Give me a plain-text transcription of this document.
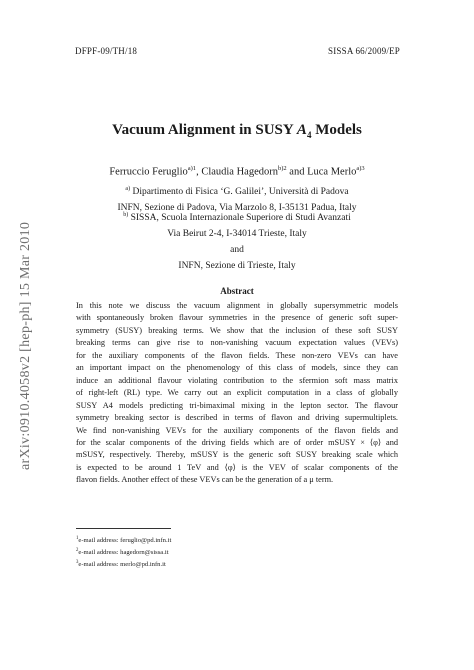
DFPF-09/TH/18	SISSA 66/2009/EP
arXiv:0910.4058v2 [hep-ph] 15 Mar 2010
Vacuum Alignment in SUSY $A_4$ Models
Ferruccio Feruglio$^{a)1}$, Claudia Hagedorn$^{b)2}$ and Luca Merlo$^{a)3}$
$^{a)}$ Dipartimento di Fisica ‘G. Galilei’, Università di Padova
INFN, Sezione di Padova, Via Marzolo 8, I-35131 Padua, Italy
$^{b)}$ SISSA, Scuola Internazionale Superiore di Studi Avanzati
Via Beirut 2-4, I-34014 Trieste, Italy
and
INFN, Sezione di Trieste, Italy
Abstract
In this note we discuss the vacuum alignment in globally supersymmetric models
with spontaneously broken flavour symmetries in the presence of generic soft super-
symmetry (SUSY) breaking terms. We show that the inclusion of these soft SUSY
breaking terms can give rise to non-vanishing vacuum expectation values (VEVs)
for the auxiliary components of the flavon fields. These non-zero VEVs can have
an important impact on the phenomenology of this class of models, since they can
induce an additional flavour violating contribution to the sfermion soft mass matrix
of right-left (RL) type. We carry out an explicit computation in a class of globally
SUSY A4 models predicting tri-bimaximal mixing in the lepton sector. The flavour
symmetry breaking sector is described in terms of flavon and driving supermultiplets.
We find non-vanishing VEVs for the auxiliary components of the flavon fields and
for the scalar components of the driving fields which are of order mSUSY × ⟨φ⟩ and
mSUSY, respectively. Thereby, mSUSY is the generic soft SUSY breaking scale which
is expected to be around 1 TeV and ⟨φ⟩ is the VEV of scalar components of the
flavon fields. Another effect of these VEVs can be the generation of a μ term.
$^1$e-mail address: feruglio@pd.infn.it
$^2$e-mail address: hagedorn@sissa.it
$^3$e-mail address: merlo@pd.infn.it
